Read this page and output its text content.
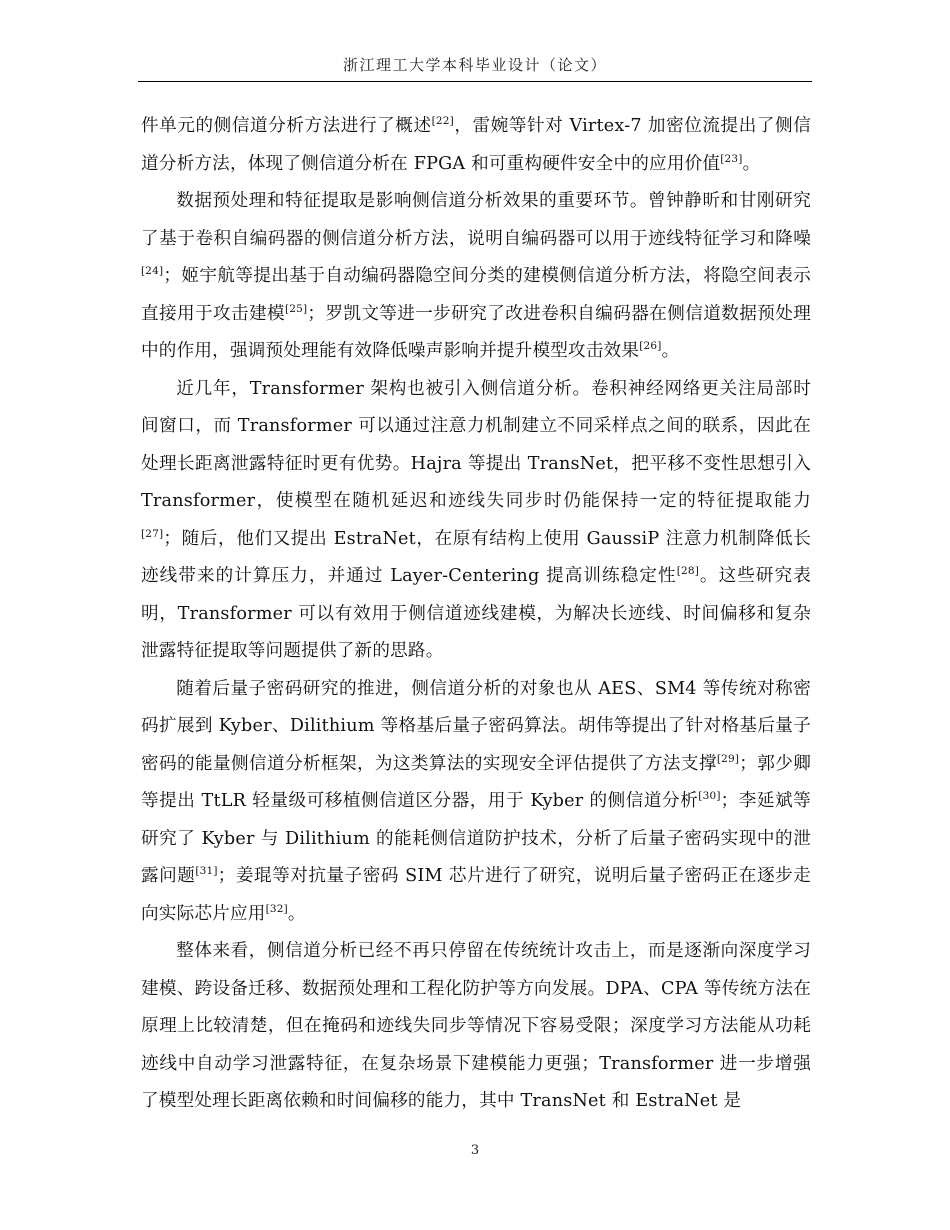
浙江理工大学本科毕业设计（论文）

件单元的侧信道分析方法进行了概述[22]，雷婉等针对 Virtex-7 加密位流提出了侧信道分析方法，体现了侧信道分析在 FPGA 和可重构硬件安全中的应用价值[23]。

数据预处理和特征提取是影响侧信道分析效果的重要环节。曾钟静昕和甘刚研究了基于卷积自编码器的侧信道分析方法，说明自编码器可以用于迹线特征学习和降噪[24]；姬宇航等提出基于自动编码器隐空间分类的建模侧信道分析方法，将隐空间表示直接用于攻击建模[25]；罗凯文等进一步研究了改进卷积自编码器在侧信道数据预处理中的作用，强调预处理能有效降低噪声影响并提升模型攻击效果[26]。

近几年，Transformer 架构也被引入侧信道分析。卷积神经网络更关注局部时间窗口，而 Transformer 可以通过注意力机制建立不同采样点之间的联系，因此在处理长距离泄露特征时更有优势。Hajra 等提出 TransNet，把平移不变性思想引入 Transformer，使模型在随机延迟和迹线失同步时仍能保持一定的特征提取能力[27]；随后，他们又提出 EstraNet，在原有结构上使用 GaussiP 注意力机制降低长迹线带来的计算压力，并通过 Layer-Centering 提高训练稳定性[28]。这些研究表明，Transformer 可以有效用于侧信道迹线建模，为解决长迹线、时间偏移和复杂泄露特征提取等问题提供了新的思路。

随着后量子密码研究的推进，侧信道分析的对象也从 AES、SM4 等传统对称密码扩展到 Kyber、Dilithium 等格基后量子密码算法。胡伟等提出了针对格基后量子密码的能量侧信道分析框架，为这类算法的实现安全评估提供了方法支撑[29]；郭少卿等提出 TtLR 轻量级可移植侧信道区分器，用于 Kyber 的侧信道分析[30]；李延斌等研究了 Kyber 与 Dilithium 的能耗侧信道防护技术，分析了后量子密码实现中的泄露问题[31]；姜琨等对抗量子密码 SIM 芯片进行了研究，说明后量子密码正在逐步走向实际芯片应用[32]。

整体来看，侧信道分析已经不再只停留在传统统计攻击上，而是逐渐向深度学习建模、跨设备迁移、数据预处理和工程化防护等方向发展。DPA、CPA 等传统方法在原理上比较清楚，但在掩码和迹线失同步等情况下容易受限；深度学习方法能从功耗迹线中自动学习泄露特征，在复杂场景下建模能力更强；Transformer 进一步增强了模型处理长距离依赖和时间偏移的能力，其中 TransNet 和 EstraNet 是

3
